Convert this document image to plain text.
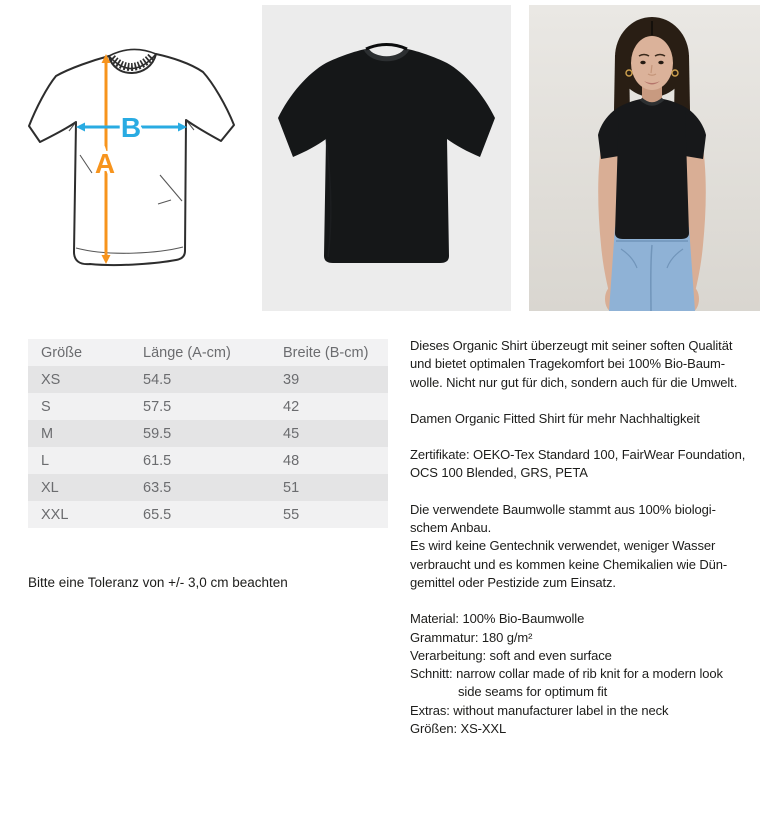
A
B
Größe	Länge (A-cm)	Breite (B-cm)
XS	54.5	39
S	57.5	42
M	59.5	45
L	61.5	48
XL	63.5	51
XXL	65.5	55
Bitte eine Toleranz von +/- 3,0 cm beachten
Dieses Organic Shirt überzeugt mit seiner soften Qualität
und bietet optimalen Tragekomfort bei 100% Bio-Baum-
wolle. Nicht nur gut für dich, sondern auch für die Umwelt.
Damen Organic Fitted Shirt für mehr Nachhaltigkeit
Zertifikate: OEKO-Tex Standard 100, FairWear Foundation,
OCS 100 Blended, GRS, PETA
Die verwendete Baumwolle stammt aus 100% biologi-
schem Anbau.
Es wird keine Gentechnik verwendet, weniger Wasser
verbraucht und es kommen keine Chemikalien wie Dün-
gemittel oder Pestizide zum Einsatz.
Material: 100% Bio-Baumwolle
Grammatur: 180 g/m²
Verarbeitung: soft and even surface
Schnitt: narrow collar made of rib knit for a modern look
side seams for optimum fit
Extras: without manufacturer label in the neck
Größen: XS-XXL
